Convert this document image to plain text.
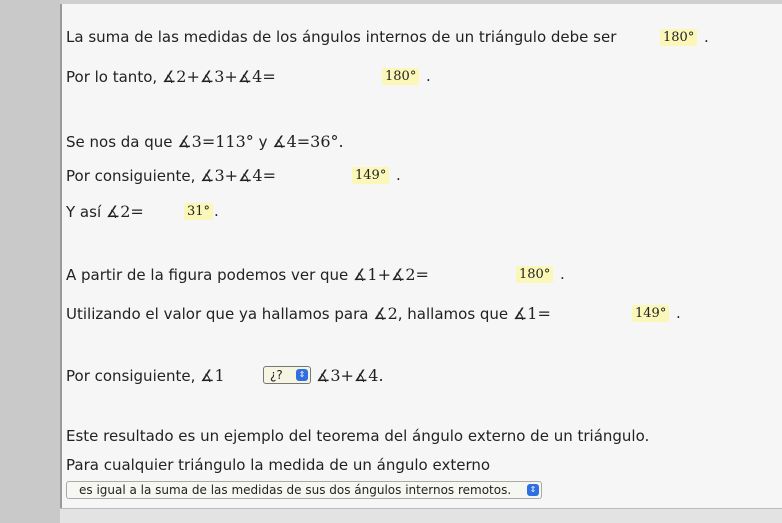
La suma de las medidas de los ángulos internos de un triángulo debe ser	180° .
Por lo tanto, ∡2+∡3+∡4=	180° .
Se nos da que ∡3=113° y ∡4=36°.
Por consiguiente, ∡3+∡4=	149° .
Y así ∡2=	31° .
A partir de la figura podemos ver que ∡1+∡2=	180° .
Utilizando el valor que ya hallamos para ∡2, hallamos que ∡1=	149° .
Por consiguiente, ∡1	¿?	⇕ ∡3+∡4.
Este resultado es un ejemplo del teorema del ángulo externo de un triángulo.
Para cualquier triángulo la medida de un ángulo externo
es igual a la suma de las medidas de sus dos ángulos internos remotos.	⇕
